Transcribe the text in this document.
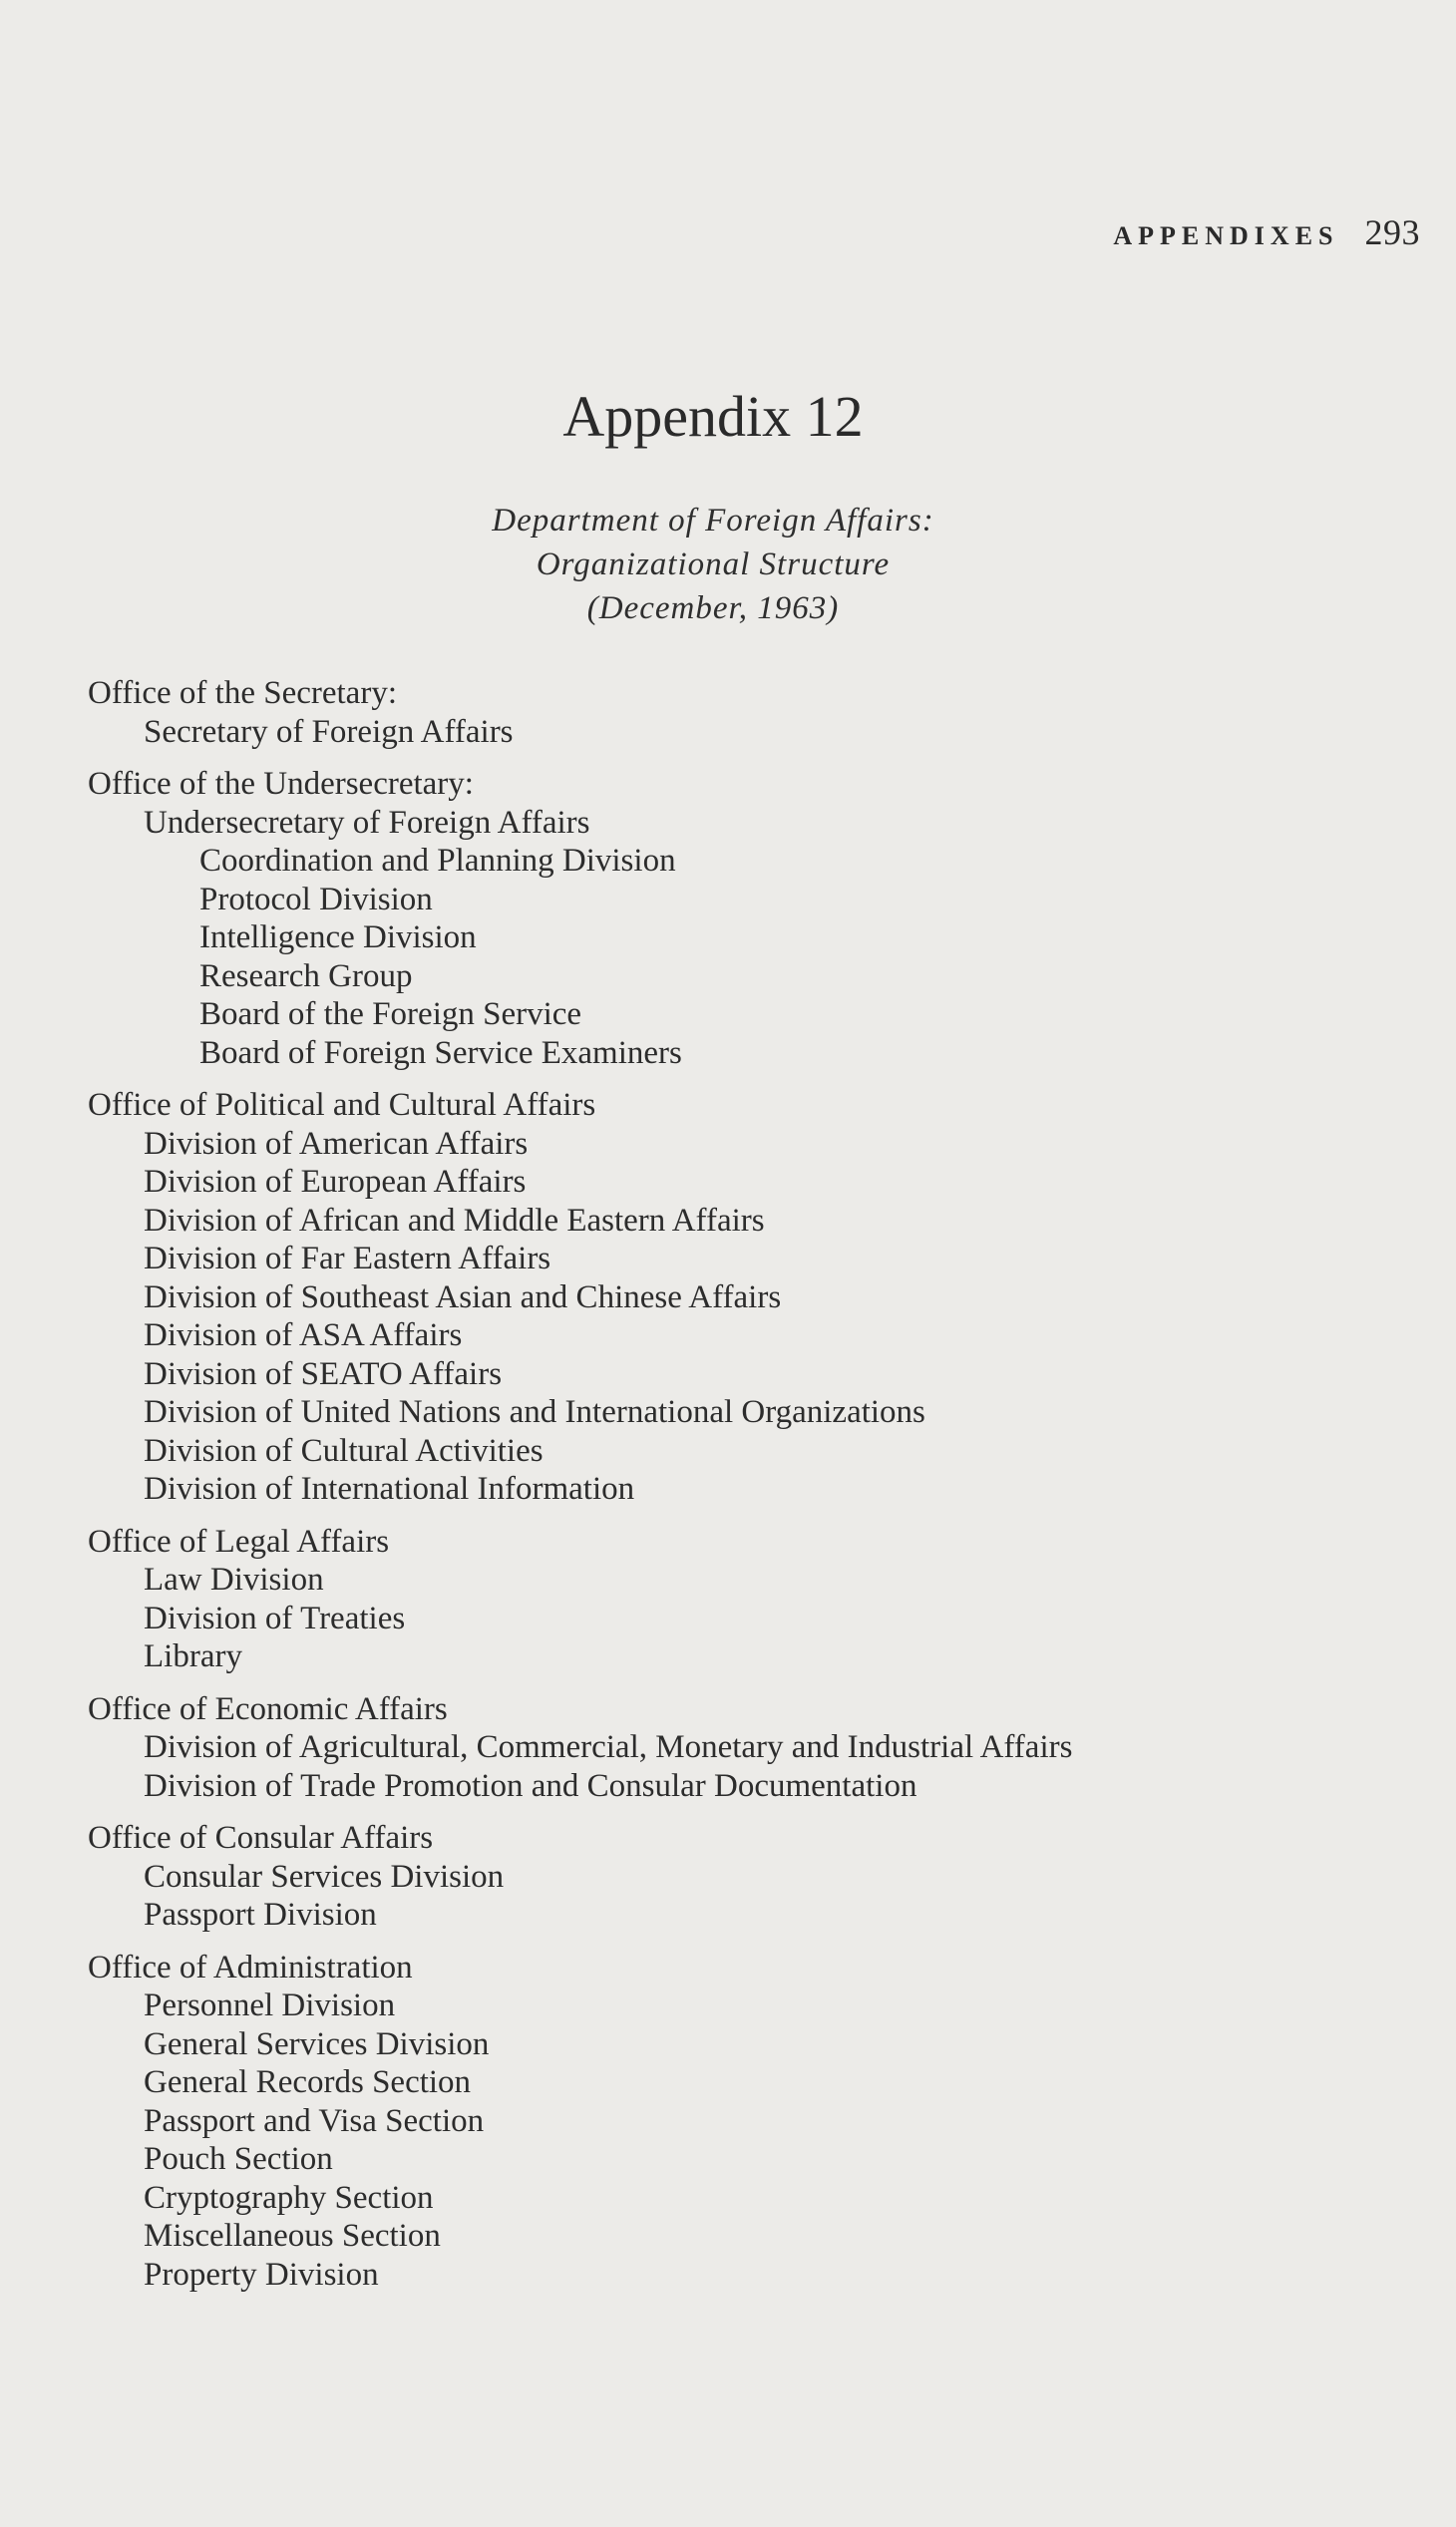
APPENDIXES 293
Appendix 12
Department of Foreign Affairs:
Organizational Structure
(December, 1963)
Office of the Secretary:
Secretary of Foreign Affairs
Office of the Undersecretary:
Undersecretary of Foreign Affairs
Coordination and Planning Division
Protocol Division
Intelligence Division
Research Group
Board of the Foreign Service
Board of Foreign Service Examiners
Office of Political and Cultural Affairs
Division of American Affairs
Division of European Affairs
Division of African and Middle Eastern Affairs
Division of Far Eastern Affairs
Division of Southeast Asian and Chinese Affairs
Division of ASA Affairs
Division of SEATO Affairs
Division of United Nations and International Organizations
Division of Cultural Activities
Division of International Information
Office of Legal Affairs
Law Division
Division of Treaties
Library
Office of Economic Affairs
Division of Agricultural, Commercial, Monetary and Industrial Affairs
Division of Trade Promotion and Consular Documentation
Office of Consular Affairs
Consular Services Division
Passport Division
Office of Administration
Personnel Division
General Services Division
General Records Section
Passport and Visa Section
Pouch Section
Cryptography Section
Miscellaneous Section
Property Division
